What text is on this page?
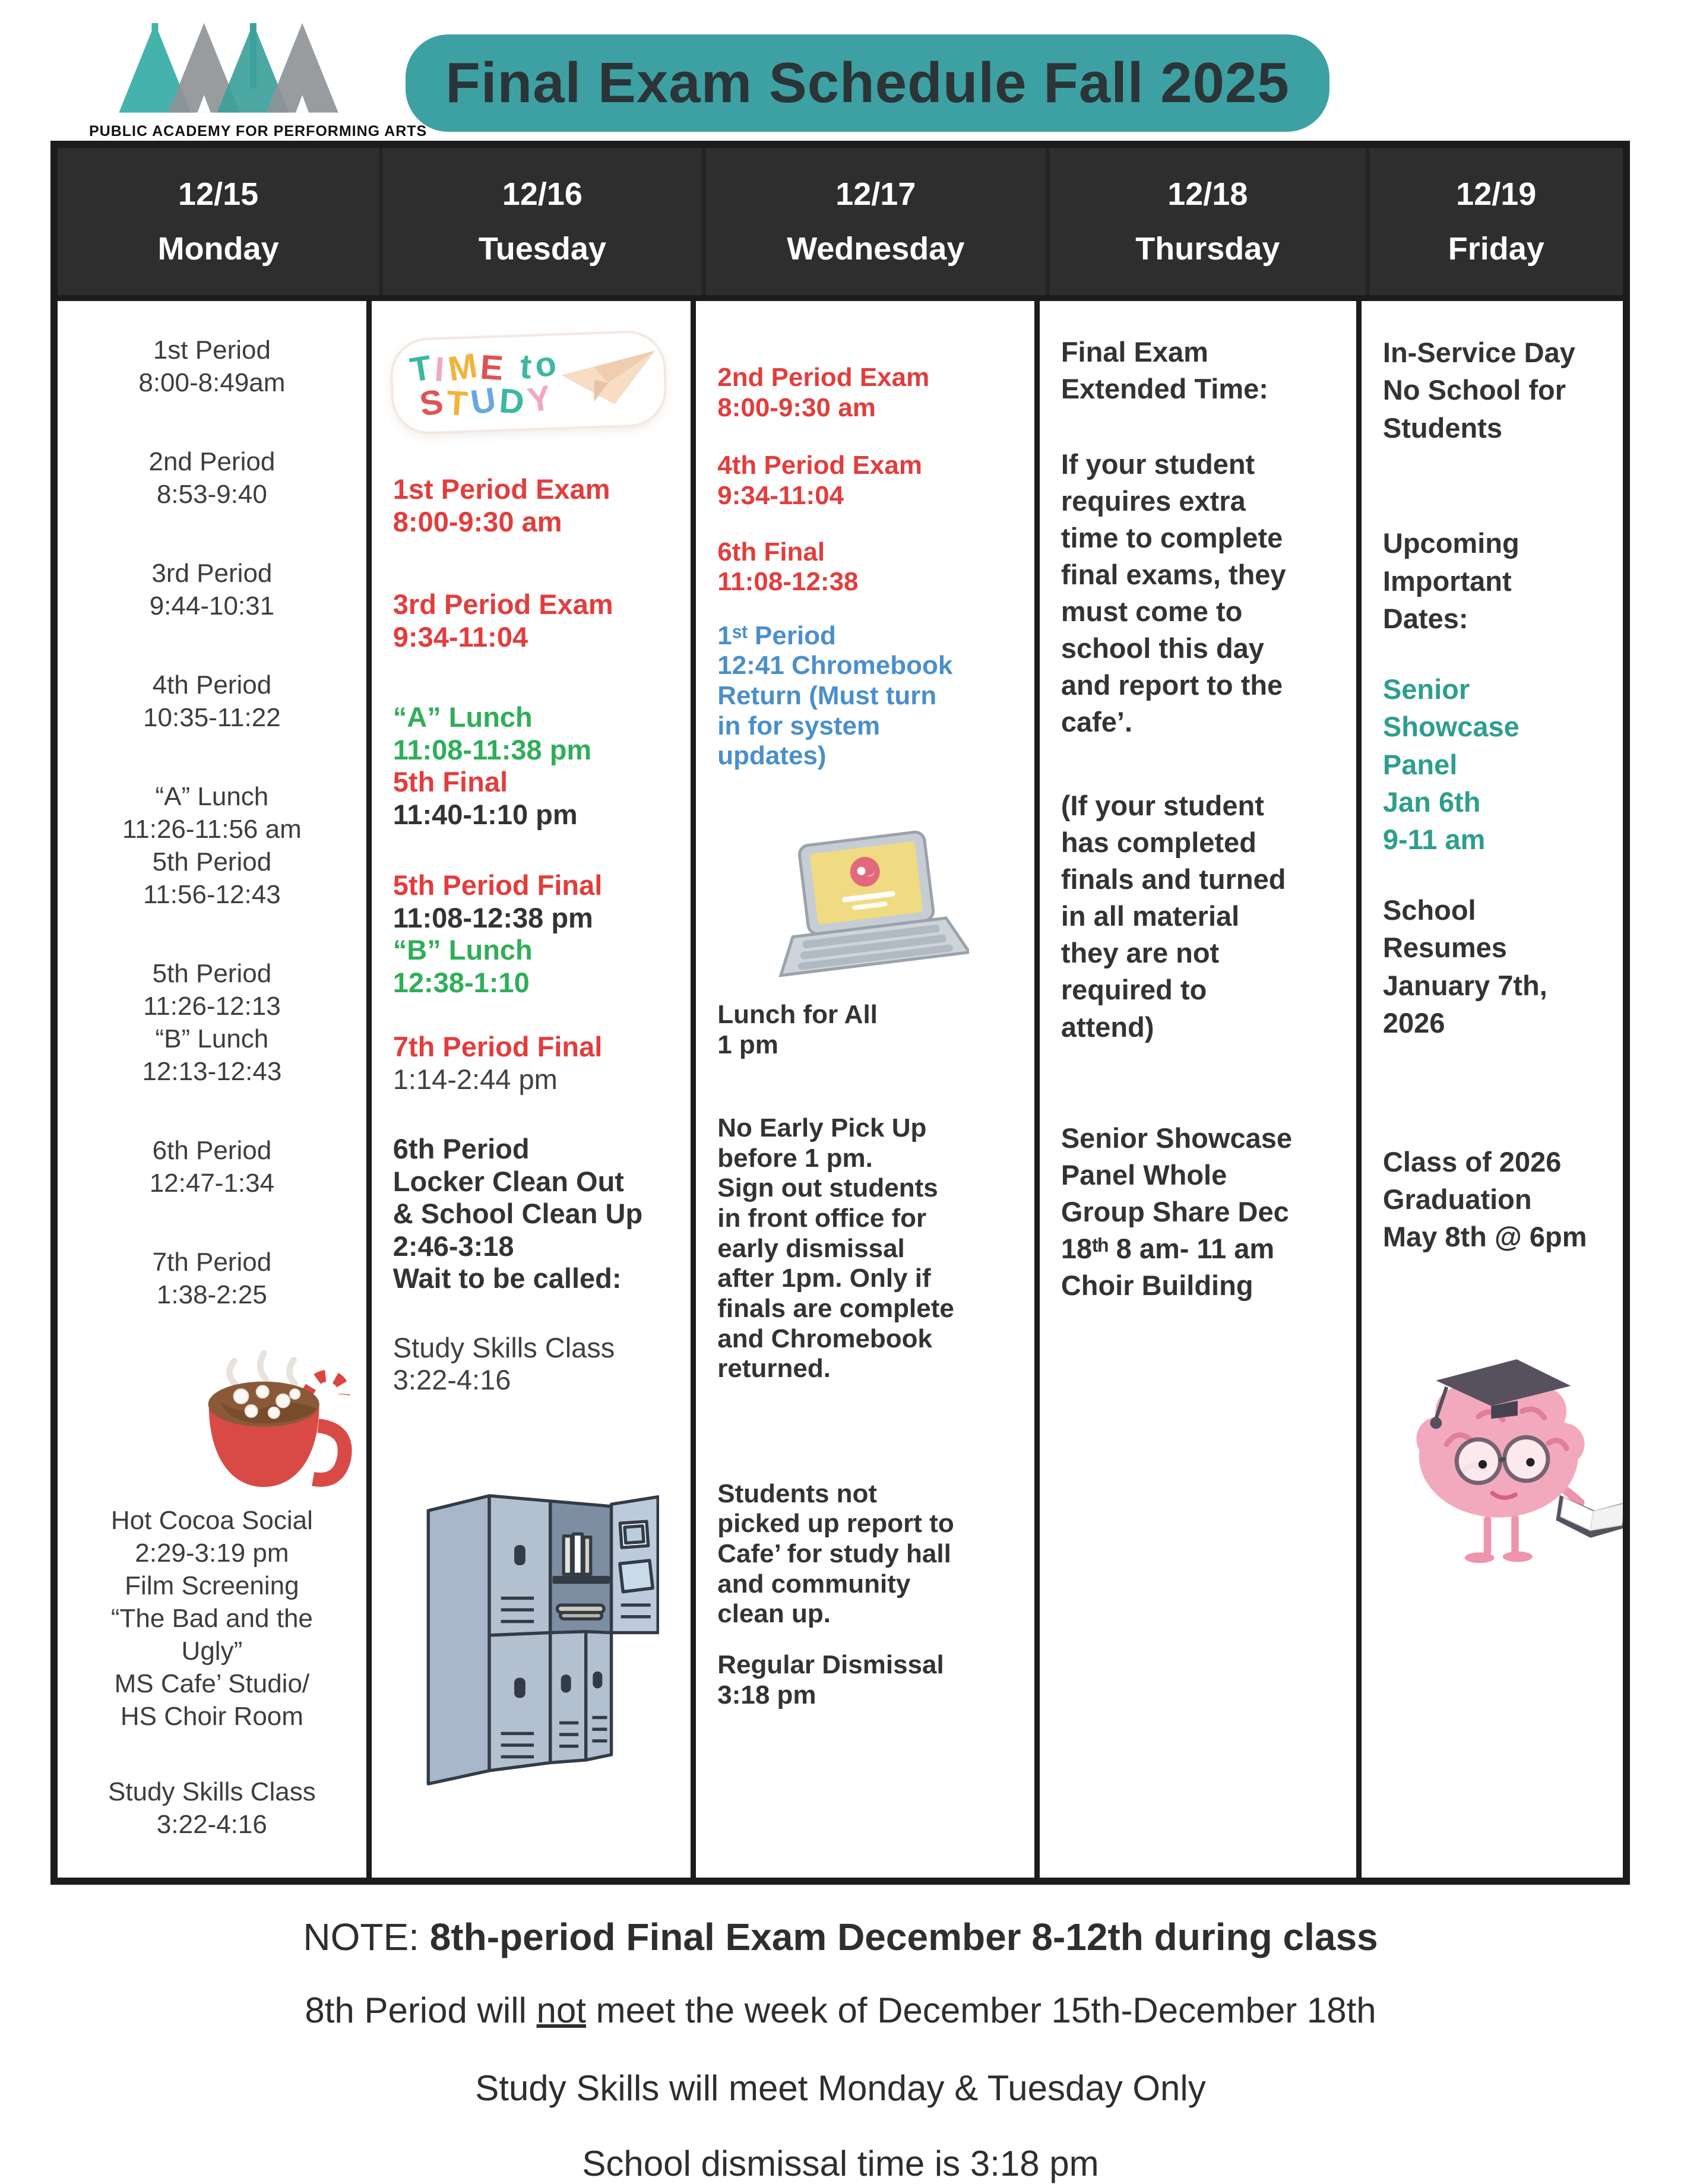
PUBLIC ACADEMY FOR PERFORMING ARTS
Final Exam Schedule Fall 2025
12/15
Monday
12/16
Tuesday
12/17
Wednesday
12/18
Thursday
12/19
Friday
1st Period
8:00-8:49am
2nd Period
8:53-9:40
3rd Period
9:44-10:31
4th Period
10:35-11:22
“A” Lunch
11:26-11:56 am
5th Period
11:56-12:43
5th Period
11:26-12:13
“B” Lunch
12:13-12:43
6th Period
12:47-1:34
7th Period
1:38-2:25
Hot Cocoa Social
2:29-3:19 pm
Film Screening
“The Bad and the
Ugly”
MS Cafe’ Studio/
HS Choir Room
Study Skills Class
3:22-4:16
TIME to
STUDY
1st Period Exam
8:00-9:30 am
3rd Period Exam
9:34-11:04
“A” Lunch
11:08-11:38 pm
5th Final
11:40-1:10 pm
5th Period Final
11:08-12:38 pm
“B” Lunch
12:38-1:10
7th Period Final
1:14-2:44 pm
6th Period
Locker Clean Out
& School Clean Up
2:46-3:18
Wait to be called:
Study Skills Class
3:22-4:16
2nd Period Exam
8:00-9:30 am
4th Period Exam
9:34-11:04
6th Final
11:08-12:38
1ˢᵗ Period
12:41 Chromebook
Return (Must turn
in for system
updates)
Lunch for All
1 pm
No Early Pick Up
before 1 pm.
Sign out students
in front office for
early dismissal
after 1pm. Only if
finals are complete
and Chromebook
returned.
Students not
picked up report to
Cafe’ for study hall
and community
clean up.
Regular Dismissal
3:18 pm
Final Exam
Extended Time:
If your student
requires extra
time to complete
final exams, they
must come to
school this day
and report to the
cafe’.
(If your student
has completed
finals and turned
in all material
they are not
required to
attend)
Senior Showcase
Panel Whole
Group Share Dec
18ᵗʰ 8 am- 11 am
Choir Building
In-Service Day
No School for
Students
Upcoming
Important
Dates:
Senior
Showcase
Panel
Jan 6th
9-11 am
School
Resumes
January 7th,
2026
Class of 2026
Graduation
May 8th @ 6pm
NOTE: 8th-period Final Exam December 8-12th during class
8th Period will not meet the week of December 15th-December 18th
Study Skills will meet Monday & Tuesday Only
School dismissal time is 3:18 pm
